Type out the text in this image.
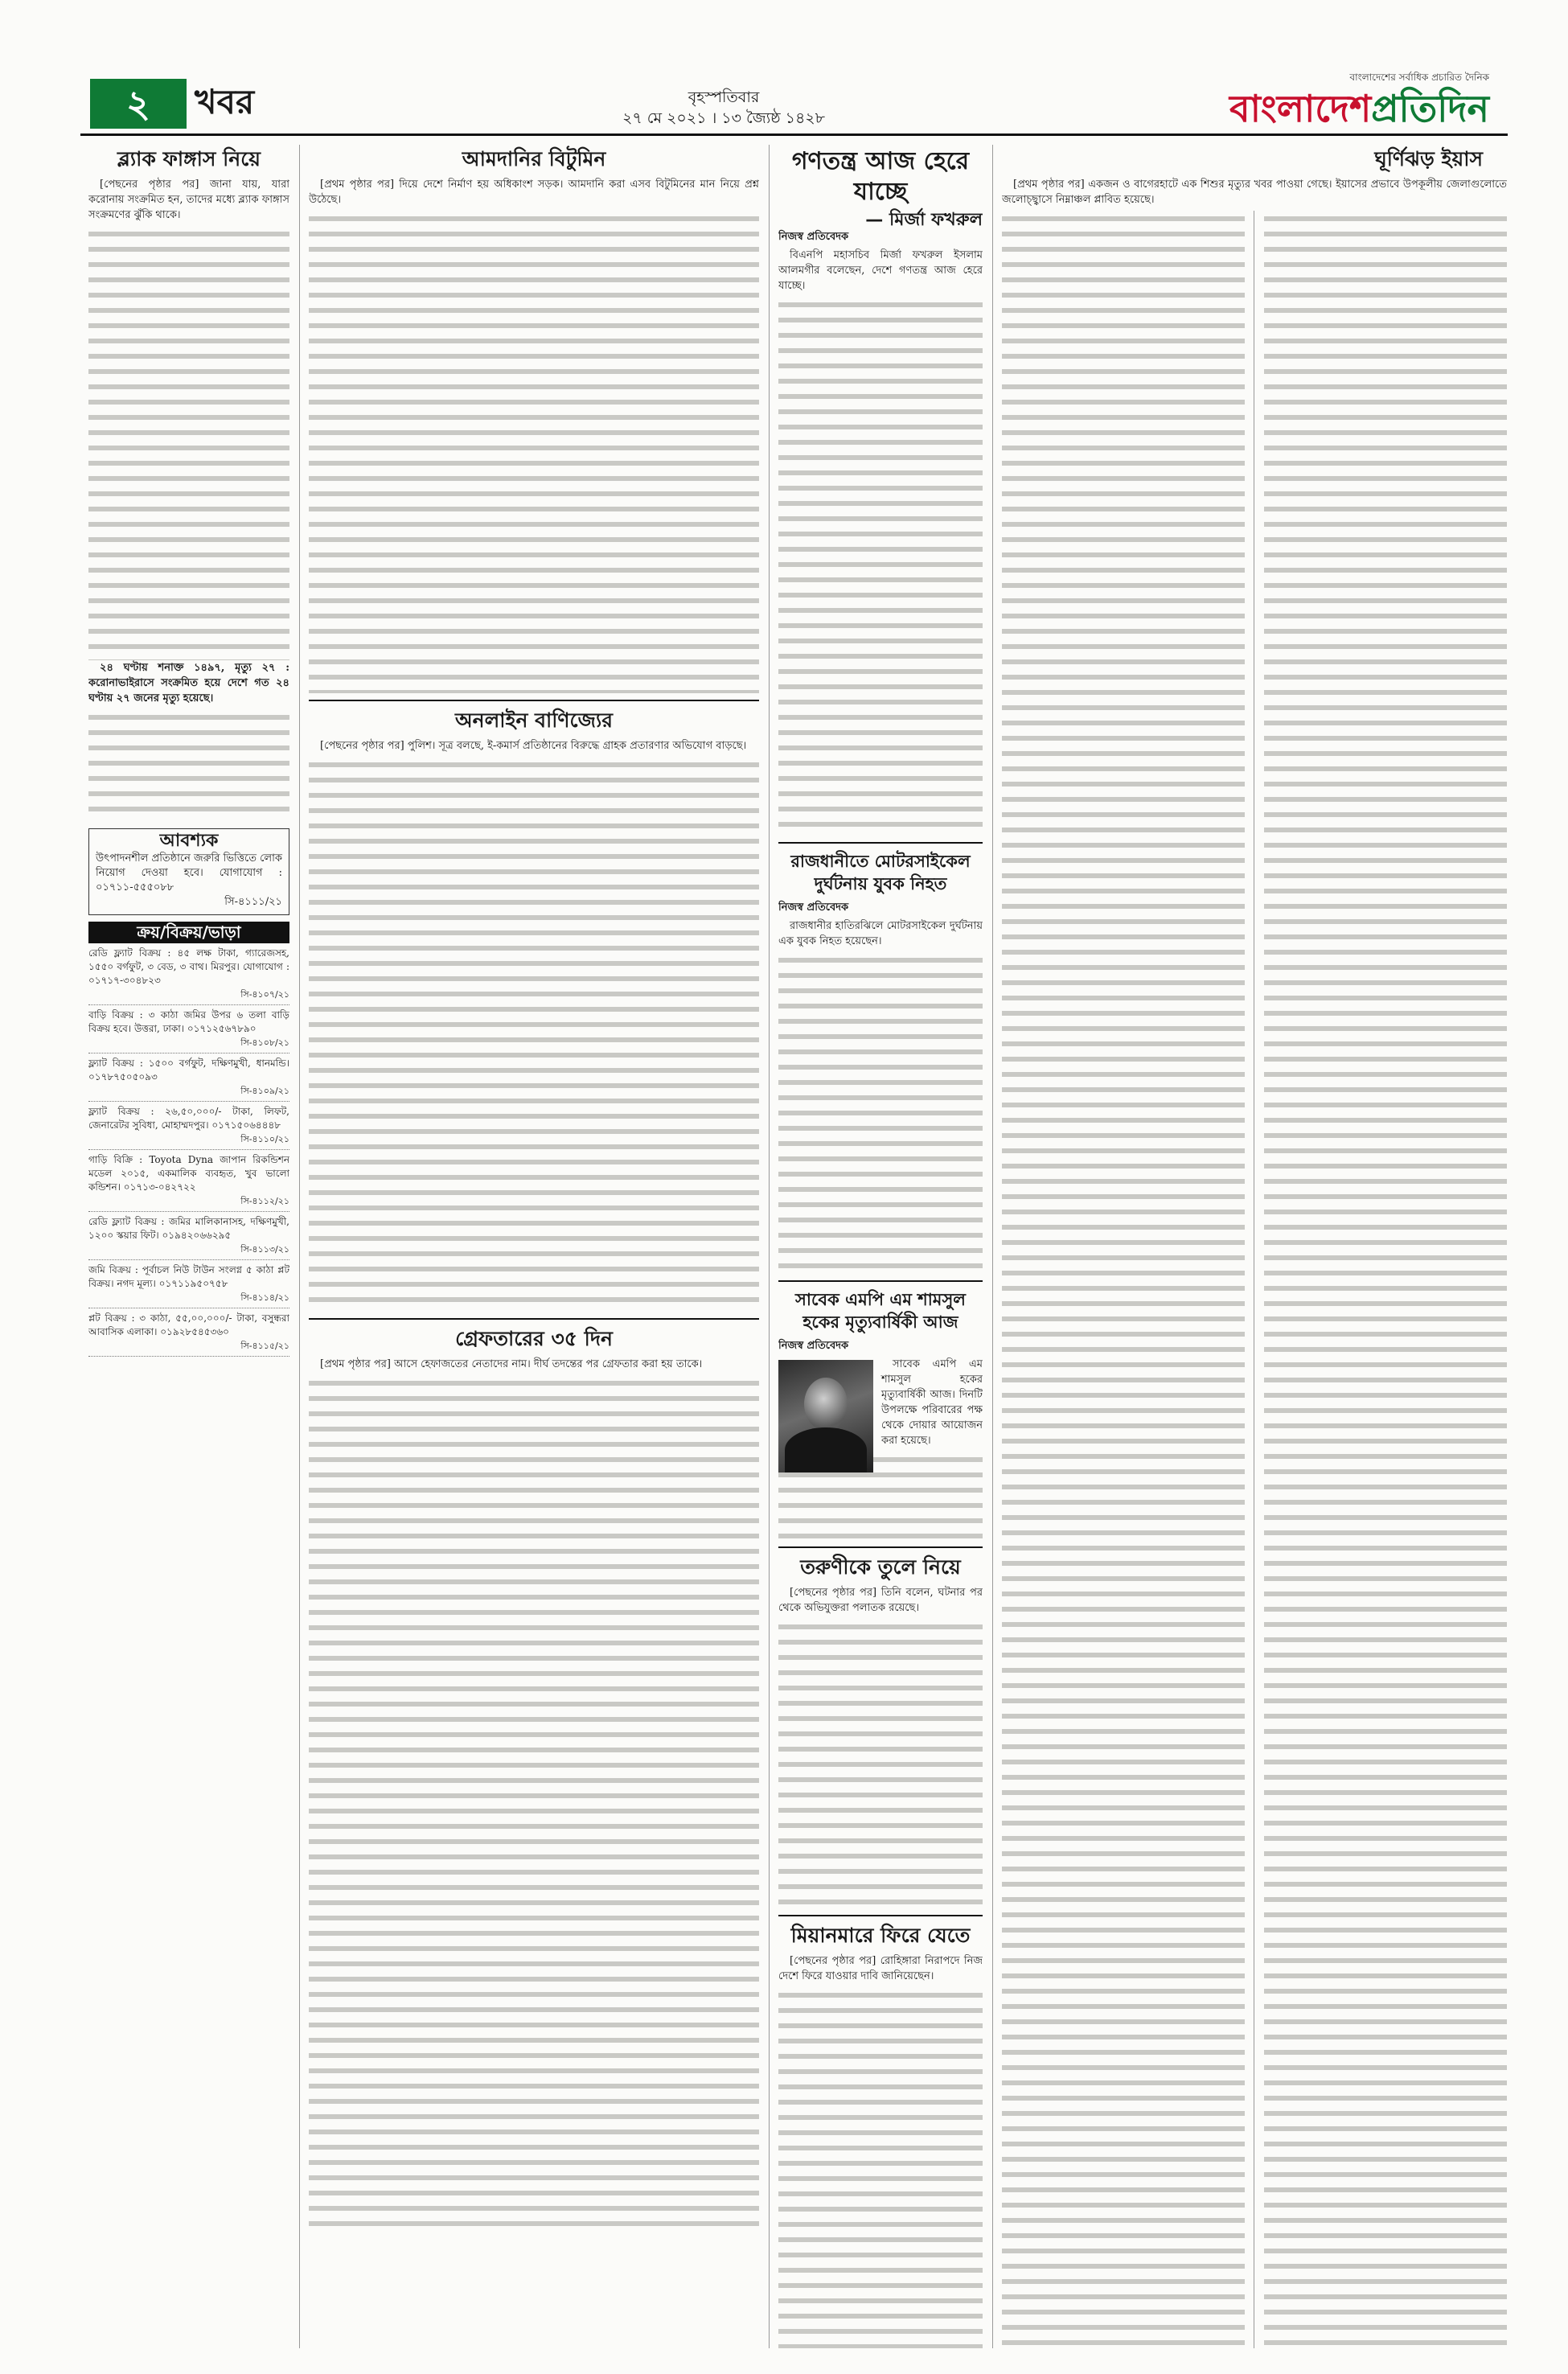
২	খবর	বৃহস্পতিবার
২৭ মে ২০২১ । ১৩ জ্যৈষ্ঠ ১৪২৮
বাংলাদেশের সর্বাধিক প্রচারিত দৈনিক
বাংলাদেশপ্রতিদিন
ব্ল্যাক ফাঙ্গাস নিয়ে

[পেছনের পৃষ্ঠার পর] জানা যায়, যারা করোনায় সংক্রমিত হন, তাদের মধ্যে ব্ল্যাক ফাঙ্গাস সংক্রমণের ঝুঁকি থাকে।

২৪ ঘণ্টায় শনাক্ত ১৪৯৭, মৃত্যু ২৭ : করোনাভাইরাসে সংক্রমিত হয়ে দেশে গত ২৪ ঘণ্টায় ২৭ জনের মৃত্যু হয়েছে।

আবশ্যক
উৎপাদনশীল প্রতিষ্ঠানে জরুরি ভিত্তিতে লোক নিয়োগ দেওয়া হবে। যোগাযোগ : ০১৭১১-৫৫৫০৮৮
সি-৪১১১/২১
ক্রয়/বিক্রয়/ভাড়া
রেডি ফ্ল্যাট বিক্রয় : ৪৫ লক্ষ টাকা, গ্যারেজসহ, ১৫৫০ বর্গফুট, ৩ বেড, ৩ বাথ। মিরপুর। যোগাযোগ : ০১৭১৭-৩০৪৮২৩
সি-৪১০৭/২১
বাড়ি বিক্রয় : ৩ কাঠা জমির উপর ৬ তলা বাড়ি বিক্রয় হবে। উত্তরা, ঢাকা। ০১৭১২৫৬৭৮৯০
সি-৪১০৮/২১
ফ্ল্যাট বিক্রয় : ১৫০০ বর্গফুট, দক্ষিণমুখী, ধানমন্ডি। ০১৭৮৭৫০৫০৯৩
সি-৪১০৯/২১
ফ্ল্যাট বিক্রয় : ২৬,৫০,০০০/- টাকা, লিফট, জেনারেটর সুবিধা, মোহাম্মদপুর। ০১৭১৫০৬৪৪৪৮
সি-৪১১০/২১
গাড়ি বিক্রি : Toyota Dyna জাপান রিকন্ডিশন মডেল ২০১৫, একমালিক ব্যবহৃত, খুব ভালো কন্ডিশন। ০১৭১৩-০৪২৭২২
সি-৪১১২/২১
রেডি ফ্ল্যাট বিক্রয় : জমির মালিকানাসহ, দক্ষিণমুখী, ১২০০ স্কয়ার ফিট। ০১৯৪২০৬৬২৯৫
সি-৪১১৩/২১
জমি বিক্রয় : পূর্বাচল নিউ টাউন সংলগ্ন ৫ কাঠা প্লট বিক্রয়। নগদ মূল্য। ০১৭১১৯৫০৭৫৮
সি-৪১১৪/২১
প্লট বিক্রয় : ৩ কাঠা, ৫৫,০০,০০০/- টাকা, বসুন্ধরা আবাসিক এলাকা। ০১৯২৮৫৪৫৩৬০
সি-৪১১৫/২১
আমদানির বিটুমিন

[প্রথম পৃষ্ঠার পর] দিয়ে দেশে নির্মাণ হয় অধিকাংশ সড়ক। আমদানি করা এসব বিটুমিনের মান নিয়ে প্রশ্ন উঠেছে।

অনলাইন বাণিজ্যের

[পেছনের পৃষ্ঠার পর] পুলিশ। সূত্র বলছে, ই-কমার্স প্রতিষ্ঠানের বিরুদ্ধে গ্রাহক প্রতারণার অভিযোগ বাড়ছে।

গ্রেফতারের ৩৫ দিন

[প্রথম পৃষ্ঠার পর] আসে হেফাজতের নেতাদের নাম। দীর্ঘ তদন্তের পর গ্রেফতার করা হয় তাকে।

গণতন্ত্র আজ হেরে যাচ্ছে
— মির্জা ফখরুল
নিজস্ব প্রতিবেদক

বিএনপি মহাসচিব মির্জা ফখরুল ইসলাম আলমগীর বলেছেন, দেশে গণতন্ত্র আজ হেরে যাচ্ছে।

রাজধানীতে মোটরসাইকেল দুর্ঘটনায় যুবক নিহত
নিজস্ব প্রতিবেদক

রাজধানীর হাতিরঝিলে মোটরসাইকেল দুর্ঘটনায় এক যুবক নিহত হয়েছেন।

সাবেক এমপি এম শামসুল হকের মৃত্যুবার্ষিকী আজ
নিজস্ব প্রতিবেদক

সাবেক এমপি এম শামসুল হকের মৃত্যুবার্ষিকী আজ। দিনটি উপলক্ষে পরিবারের পক্ষ থেকে দোয়ার আয়োজন করা হয়েছে।

তরুণীকে তুলে নিয়ে

[পেছনের পৃষ্ঠার পর] তিনি বলেন, ঘটনার পর থেকে অভিযুক্তরা পলাতক রয়েছে।

মিয়ানমারে ফিরে যেতে

[পেছনের পৃষ্ঠার পর] রোহিঙ্গারা নিরাপদে নিজ দেশে ফিরে যাওয়ার দাবি জানিয়েছেন।

ঘূর্ণিঝড় ইয়াস

[প্রথম পৃষ্ঠার পর] একজন ও বাগেরহাটে এক শিশুর মৃত্যুর খবর পাওয়া গেছে। ইয়াসের প্রভাবে উপকূলীয় জেলাগুলোতে জলোচ্ছ্বাসে নিম্নাঞ্চল প্লাবিত হয়েছে।
